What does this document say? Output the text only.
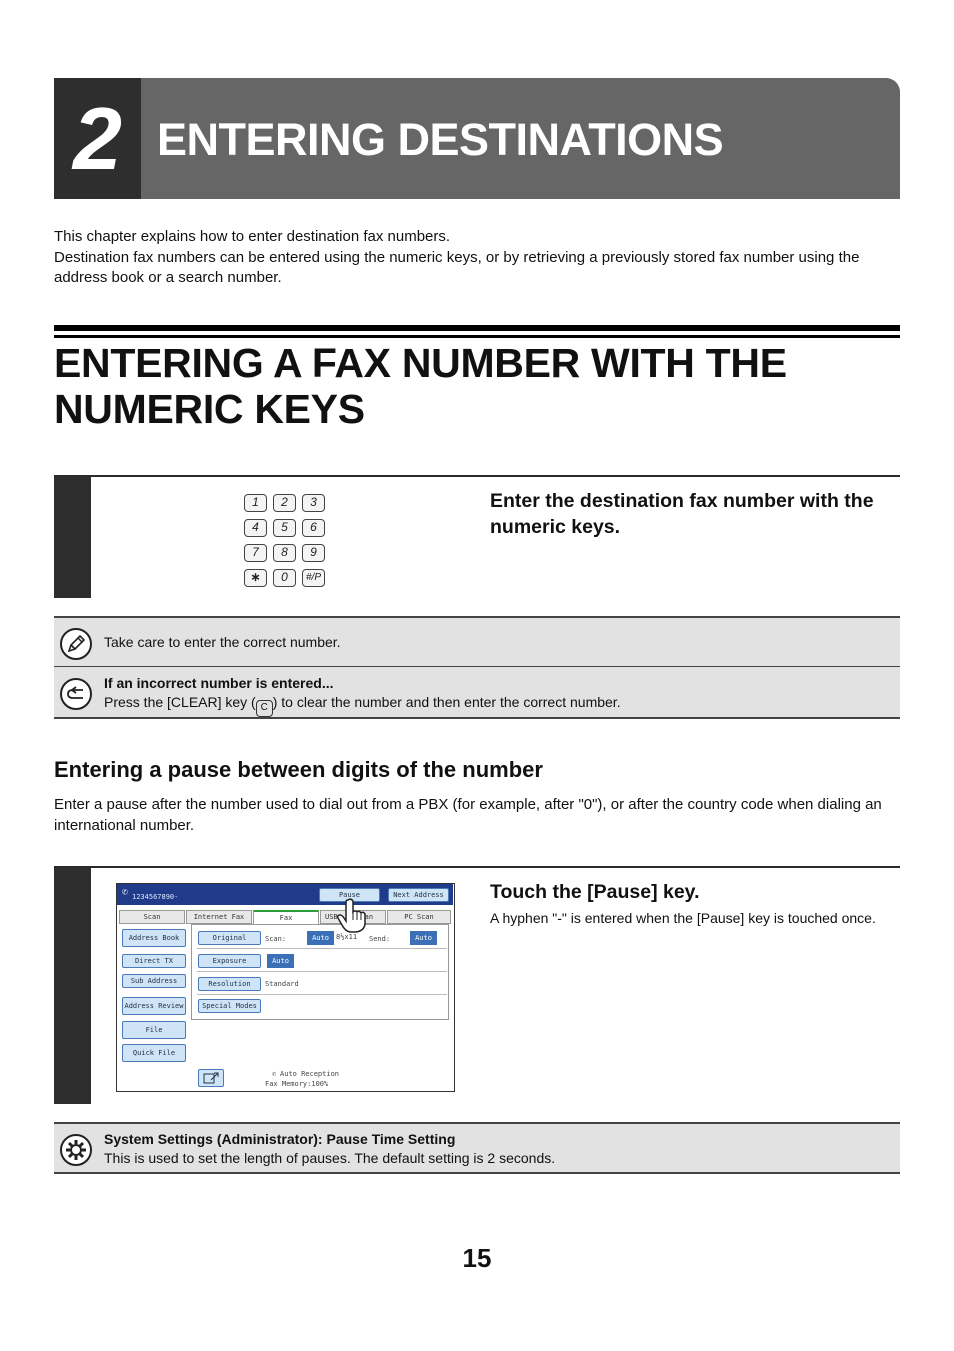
2 ENTERING DESTINATIONS
This chapter explains how to enter destination fax numbers.
Destination fax numbers can be entered using the numeric keys, or by retrieving a previously stored fax number using the address book or a search number.
ENTERING A FAX NUMBER WITH THE NUMERIC KEYS
1	2	3
4	5	6
7	8	9
∗	0	#/P
Enter the destination fax number with the numeric keys.
Take care to enter the correct number.
If an incorrect number is entered...
Press the [CLEAR] key ( C ) to clear the number and then enter the correct number.
Entering a pause between digits of the number
Enter a pause after the number used to dial out from a PBX (for example, after "0"), or after the country code when dialing an international number.
✆ 1234567890-	Pause	Next Address
Scan	Internet Fax	Fax	USB	an	PC Scan
Address Book
Direct TX
Sub Address
Address Review
File
Quick File
Original	Scan:	Auto	8½x11 Send:	Auto
Exposure	Auto
Resolution	Standard
Special Modes
✆ Auto Reception
Fax Memory:100%
Touch the [Pause] key.
A hyphen "-" is entered when the [Pause] key is touched once.
System Settings (Administrator): Pause Time Setting
This is used to set the length of pauses. The default setting is 2 seconds.
15
